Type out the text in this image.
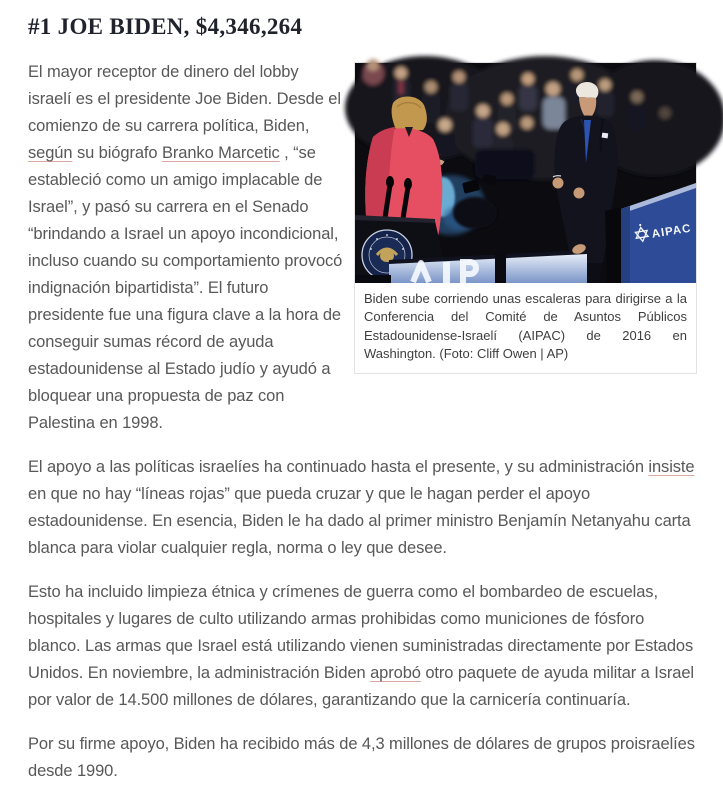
#1 JOE BIDEN, $4,346,264
AIPAC
Biden sube corriendo unas escaleras para dirigirse a la Conferencia del Comité de Asuntos Públicos Estadounidense-Israelí (AIPAC) de 2016 en Washington. (Foto: Cliff Owen | AP)

El mayor receptor de dinero del lobby israelí es el presidente Joe Biden. Desde el comienzo de su carrera política, Biden, según su biógrafo Branko Marcetic , “se estableció como un amigo implacable de Israel”, y pasó su carrera en el Senado “brindando a Israel un apoyo incondicional, incluso cuando su comportamiento provocó indignación bipartidista”. El futuro presidente fue una figura clave a la hora de conseguir sumas récord de ayuda estadounidense al Estado judío y ayudó a bloquear una propuesta de paz con Palestina en 1998.

El apoyo a las políticas israelíes ha continuado hasta el presente, y su administración insiste en que no hay “líneas rojas” que pueda cruzar y que le hagan perder el apoyo estadounidense. En esencia, Biden le ha dado al primer ministro Benjamín Netanyahu carta blanca para violar cualquier regla, norma o ley que desee.

Esto ha incluido limpieza étnica y crímenes de guerra como el bombardeo de escuelas, hospitales y lugares de culto utilizando armas prohibidas como municiones de fósforo blanco. Las armas que Israel está utilizando vienen suministradas directamente por Estados Unidos. En noviembre, la administración Biden aprobó otro paquete de ayuda militar a Israel por valor de 14.500 millones de dólares, garantizando que la carnicería continuaría.

Por su firme apoyo, Biden ha recibido más de 4,3 millones de dólares de grupos proisraelíes desde 1990.
